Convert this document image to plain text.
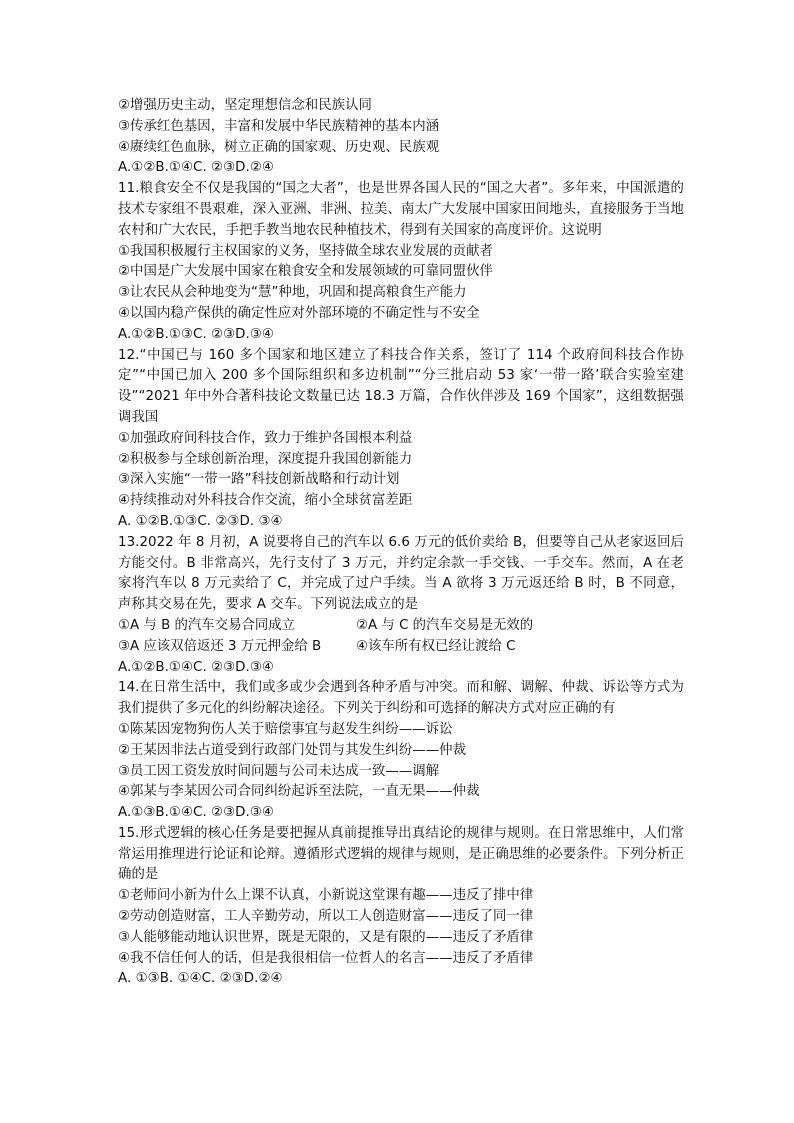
②增强历史主动，坚定理想信念和民族认同
③传承红色基因，丰富和发展中华民族精神的基本内涵
④赓续红色血脉，树立正确的国家观、历史观、民族观
A.①②B.①④C. ②③D.②④
11.粮食安全不仅是我国的“国之大者”，也是世界各国人民的“国之大者”。多年来，中国派遣的技术专家组不畏艰难，深入亚洲、非洲、拉美、南太广大发展中国家田间地头，直接服务于当地农村和广大农民，手把手教当地农民种植技术，得到有关国家的高度评价。这说明
①我国积极履行主权国家的义务，坚持做全球农业发展的贡献者
②中国是广大发展中国家在粮食安全和发展领域的可靠同盟伙伴
③让农民从会种地变为“慧”种地，巩固和提高粮食生产能力
④以国内稳产保供的确定性应对外部环境的不确定性与不安全
A.①②B.①③C. ②③D.③④
12.“中国已与 160 多个国家和地区建立了科技合作关系，签订了 114 个政府间科技合作协定”“中国已加入 200 多个国际组织和多边机制”“分三批启动 53 家‘一带一路’联合实验室建设”“2021 年中外合著科技论文数量已达 18.3 万篇，合作伙伴涉及 169 个国家”，这组数据强调我国
①加强政府间科技合作，致力于维护各国根本利益
②积极参与全球创新治理，深度提升我国创新能力
③深入实施“一带一路”科技创新战略和行动计划
④持续推动对外科技合作交流，缩小全球贫富差距
A. ①②B.①③C. ②③D. ③④
13.2022 年 8 月初，A 说要将自己的汽车以 6.6 万元的低价卖给 B，但要等自己从老家返回后方能交付。B 非常高兴，先行支付了 3 万元，并约定余款一手交钱、一手交车。然而，A 在老家将汽车以 8 万元卖给了 C，并完成了过户手续。当 A 欲将 3 万元返还给 B 时，B 不同意，声称其交易在先，要求 A 交车。下列说法成立的是
①A 与 B 的汽车交易合同成立	②A 与 C 的汽车交易是无效的
③A 应该双倍返还 3 万元押金给 B	④该车所有权已经让渡给 C
A.①②B.①④C. ②③D.③④
14.在日常生活中，我们或多或少会遇到各种矛盾与冲突。而和解、调解、仲裁、诉讼等方式为我们提供了多元化的纠纷解决途径。下列关于纠纷和可选择的解决方式对应正确的有
①陈某因宠物狗伤人关于赔偿事宜与赵发生纠纷——诉讼
②王某因非法占道受到行政部门处罚与其发生纠纷——仲裁
③员工因工资发放时间问题与公司未达成一致——调解
④郭某与李某因公司合同纠纷起诉至法院，一直无果——仲裁
A.①③B.①④C. ②③D.③④
15.形式逻辑的核心任务是要把握从真前提推导出真结论的规律与规则。在日常思维中，人们常常运用推理进行论证和论辩。遵循形式逻辑的规律与规则，是正确思维的必要条件。下列分析正确的是
①老师问小新为什么上课不认真，小新说这堂课有趣——违反了排中律
②劳动创造财富，工人辛勤劳动，所以工人创造财富——违反了同一律
③人能够能动地认识世界，既是无限的，又是有限的——违反了矛盾律
④我不信任何人的话，但是我很相信一位哲人的名言——违反了矛盾律
A. ①③B. ①④C. ②③D.②④
